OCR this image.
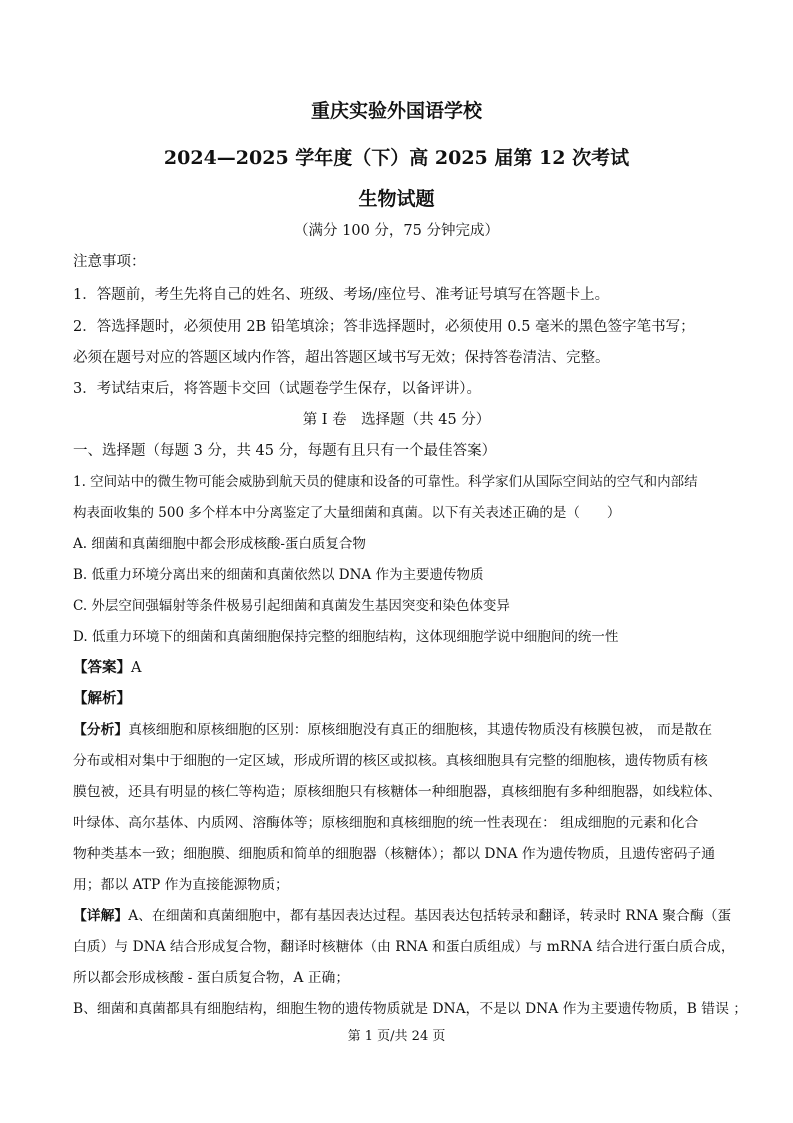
重庆实验外国语学校
2024—2025 学年度（下）高 2025 届第 12 次考试
生物试题
（满分 100 分，75 分钟完成）
注意事项：
1．答题前，考生先将自己的姓名、班级、考场/座位号、准考证号填写在答题卡上。
2．答选择题时，必须使用 2B 铅笔填涂；答非选择题时，必须使用 0.5 毫米的黑色签字笔书写；
必须在题号对应的答题区域内作答，超出答题区域书写无效；保持答卷清洁、完整。
3．考试结束后，将答题卡交回（试题卷学生保存，以备评讲）。
第 I 卷　选择题（共 45 分）
一、选择题（每题 3 分，共 45 分，每题有且只有一个最佳答案）
1. 空间站中的微生物可能会威胁到航天员的健康和设备的可靠性。科学家们从国际空间站的空气和内部结
构表面收集的 500 多个样本中分离鉴定了大量细菌和真菌。以下有关表述正确的是（　　）
A. 细菌和真菌细胞中都会形成核酸-蛋白质复合物
B. 低重力环境分离出来的细菌和真菌依然以 DNA 作为主要遗传物质
C. 外层空间强辐射等条件极易引起细菌和真菌发生基因突变和染色体变异
D. 低重力环境下的细菌和真菌细胞保持完整的细胞结构，这体现细胞学说中细胞间的统一性
【答案】A
【解析】
【分析】真核细胞和原核细胞的区别：原核细胞没有真正的细胞核，其遗传物质没有核膜包被， 而是散在
分布或相对集中于细胞的一定区域，形成所谓的核区或拟核。真核细胞具有完整的细胞核，遗传物质有核
膜包被，还具有明显的核仁等构造；原核细胞只有核糖体一种细胞器，真核细胞有多种细胞器，如线粒体、
叶绿体、高尔基体、内质网、溶酶体等；原核细胞和真核细胞的统一性表现在： 组成细胞的元素和化合
物种类基本一致；细胞膜、细胞质和简单的细胞器（核糖体）；都以 DNA 作为遗传物质，且遗传密码子通
用；都以 ATP 作为直接能源物质；
【详解】A、在细菌和真菌细胞中，都有基因表达过程。基因表达包括转录和翻译，转录时 RNA 聚合酶（蛋
白质）与 DNA 结合形成复合物，翻译时核糖体（由 RNA 和蛋白质组成）与 mRNA 结合进行蛋白质合成，
所以都会形成核酸 - 蛋白质复合物，A 正确；
B、细菌和真菌都具有细胞结构，细胞生物的遗传物质就是 DNA，不是以 DNA 作为主要遗传物质，B 错误 ；
第 1 页/共 24 页
